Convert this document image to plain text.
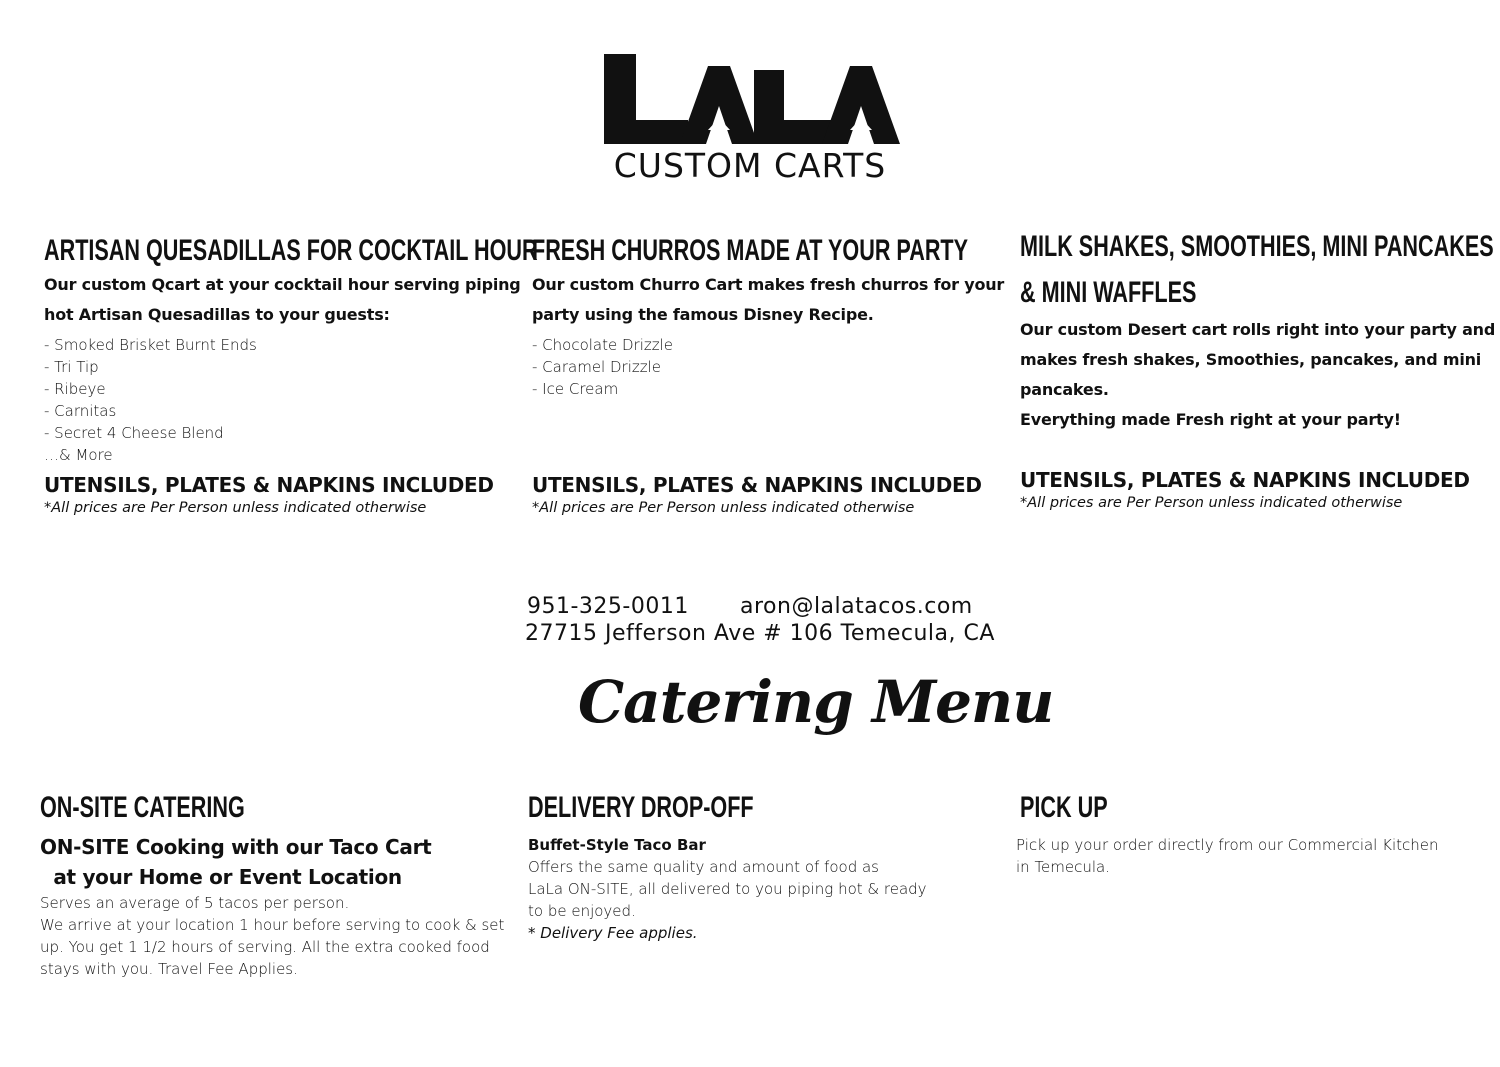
CUSTOM CARTS
ARTISAN QUESADILLAS FOR COCKTAIL HOUR

Our custom Qcart at your cocktail hour serving piping

hot Artisan Quesadillas to your guests:

- Smoked Brisket Burnt Ends
- Tri Tip
- Ribeye
- Carnitas
- Secret 4 Cheese Blend
…& More

UTENSILS, PLATES & NAPKINS INCLUDED

*All prices are Per Person unless indicated otherwise

FRESH CHURROS MADE AT YOUR PARTY

Our custom Churro Cart makes fresh churros for your

party using the famous Disney Recipe.

- Chocolate Drizzle
- Caramel Drizzle
- Ice Cream

UTENSILS, PLATES & NAPKINS INCLUDED

*All prices are Per Person unless indicated otherwise

MILK SHAKES, SMOOTHIES, MINI PANCAKES
& MINI WAFFLES

Our custom Desert cart rolls right into your party and

makes fresh shakes, Smoothies, pancakes, and mini

pancakes.

Everything made Fresh right at your party!

UTENSILS, PLATES & NAPKINS INCLUDED

*All prices are Per Person unless indicated otherwise

951-325-0011 aron@lalatacos.com
27715 Jefferson Ave # 106 Temecula, CA
Catering Menu
ON-SITE CATERING

ON-SITE Cooking with our Taco Cart

at your Home or Event Location

Serves an average of 5 tacos per person.

We arrive at your location 1 hour before serving to cook & set

up. You get 1 1/2 hours of serving. All the extra cooked food

stays with you. Travel Fee Applies.

DELIVERY DROP-OFF

Buffet-Style Taco Bar

Offers the same quality and amount of food as

LaLa ON-SITE, all delivered to you piping hot & ready

to be enjoyed.

* Delivery Fee applies.

PICK UP

Pick up your order directly from our Commercial Kitchen

in Temecula.
